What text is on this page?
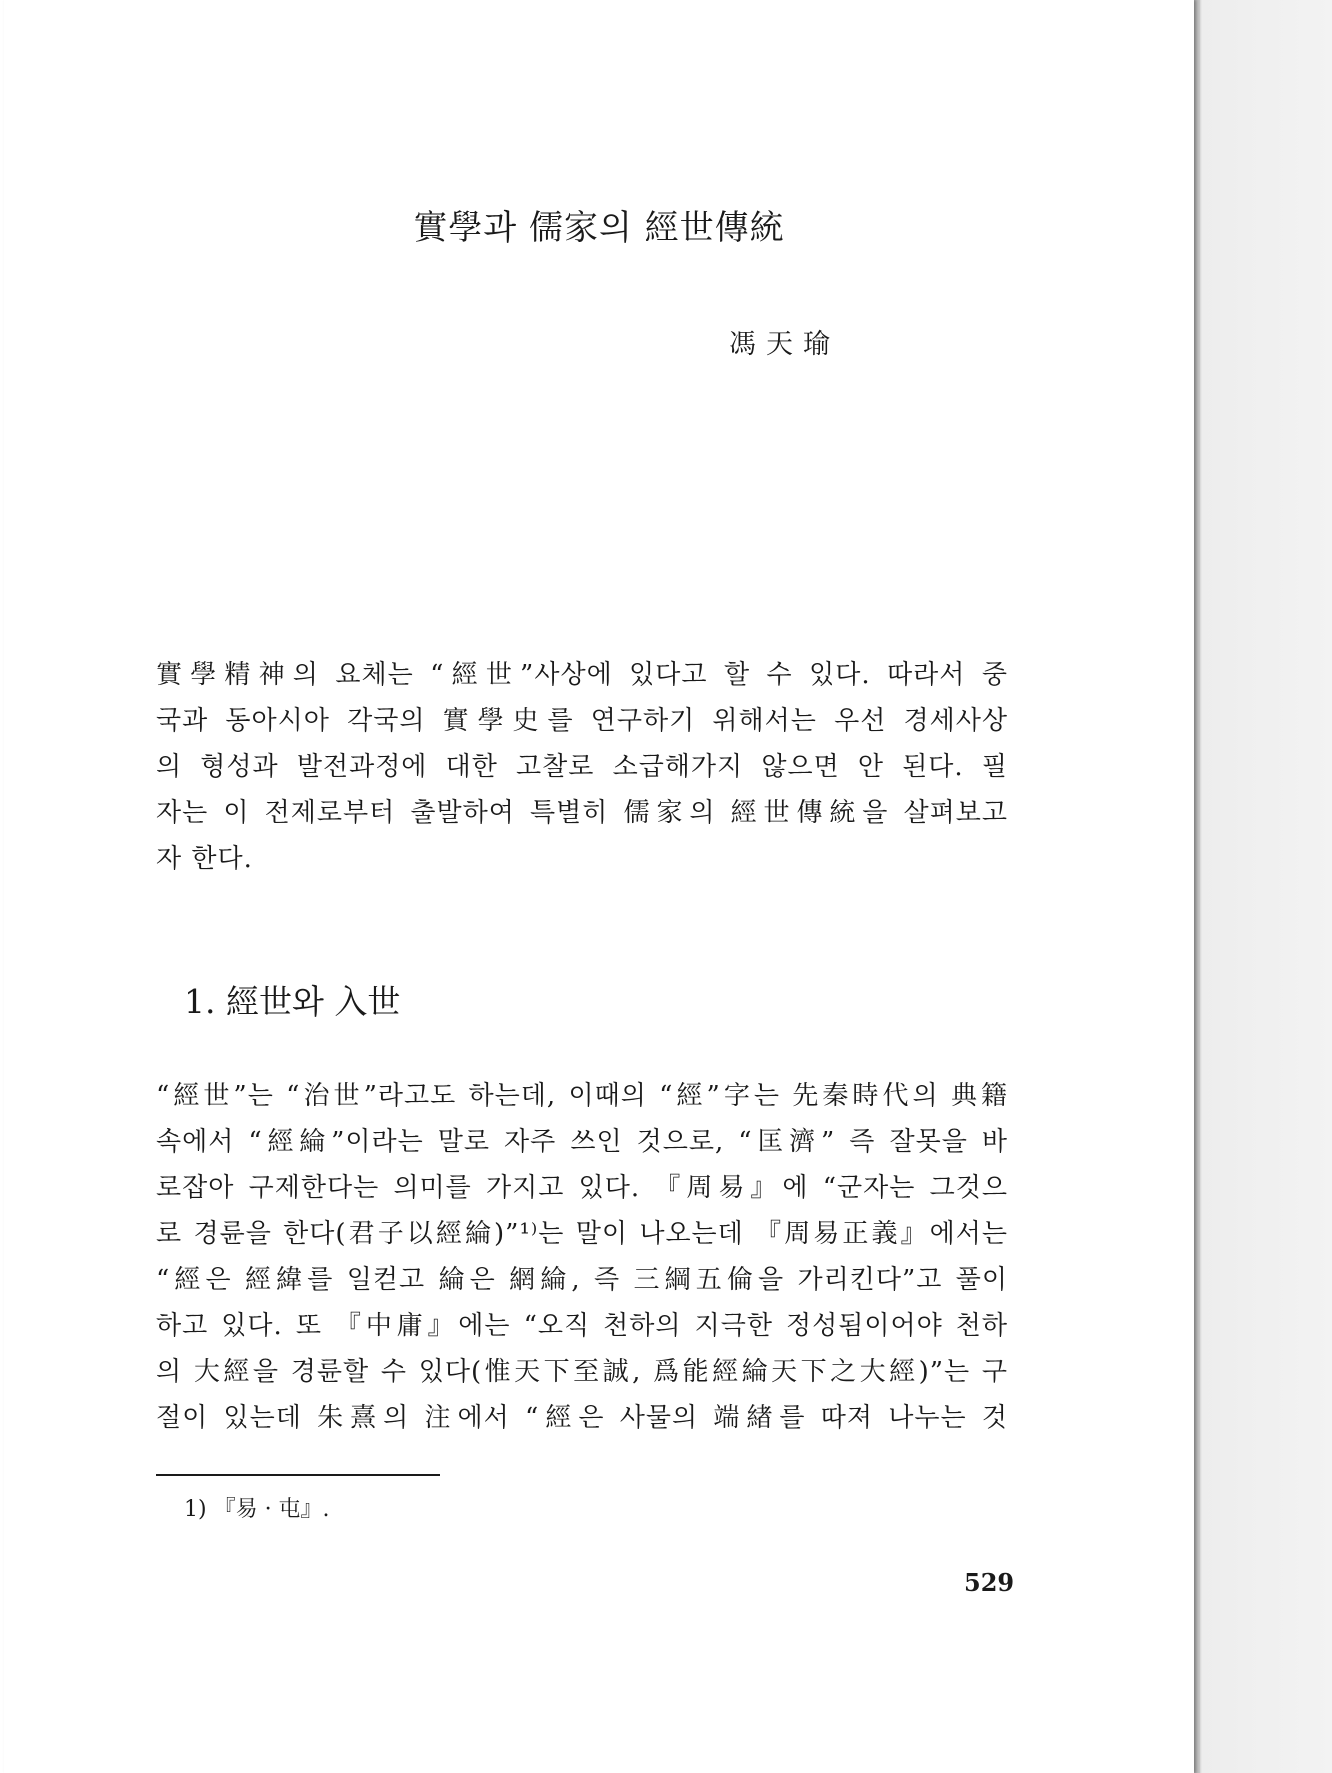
實學과 儒家의 經世傳統
馮天瑜
實學精神의 요체는 “經世”사상에 있다고 할 수 있다. 따라서 중
국과 동아시아 각국의 實學史를 연구하기 위해서는 우선 경세사상
의 형성과 발전과정에 대한 고찰로 소급해가지 않으면 안 된다. 필
자는 이 전제로부터 출발하여 특별히 儒家의 經世傳統을 살펴보고
자 한다.
1. 經世와 入世
“經世”는 “治世”라고도 하는데, 이때의 “經”字는 先秦時代의 典籍
속에서 “經綸”이라는 말로 자주 쓰인 것으로, “匡濟” 즉 잘못을 바
로잡아 구제한다는 의미를 가지고 있다. 『周易』에 “군자는 그것으
로 경륜을 한다(君子以經綸)”¹⁾는 말이 나오는데 『周易正義』에서는
“經은 經緯를 일컫고 綸은 網綸, 즉 三綱五倫을 가리킨다”고 풀이
하고 있다. 또 『中庸』에는 “오직 천하의 지극한 정성됨이어야 천하
의 大經을 경륜할 수 있다(惟天下至誠, 爲能經綸天下之大經)”는 구
절이 있는데 朱熹의 注에서 “經은 사물의 端緖를 따져 나누는 것
1) 『易 · 屯』.
529
